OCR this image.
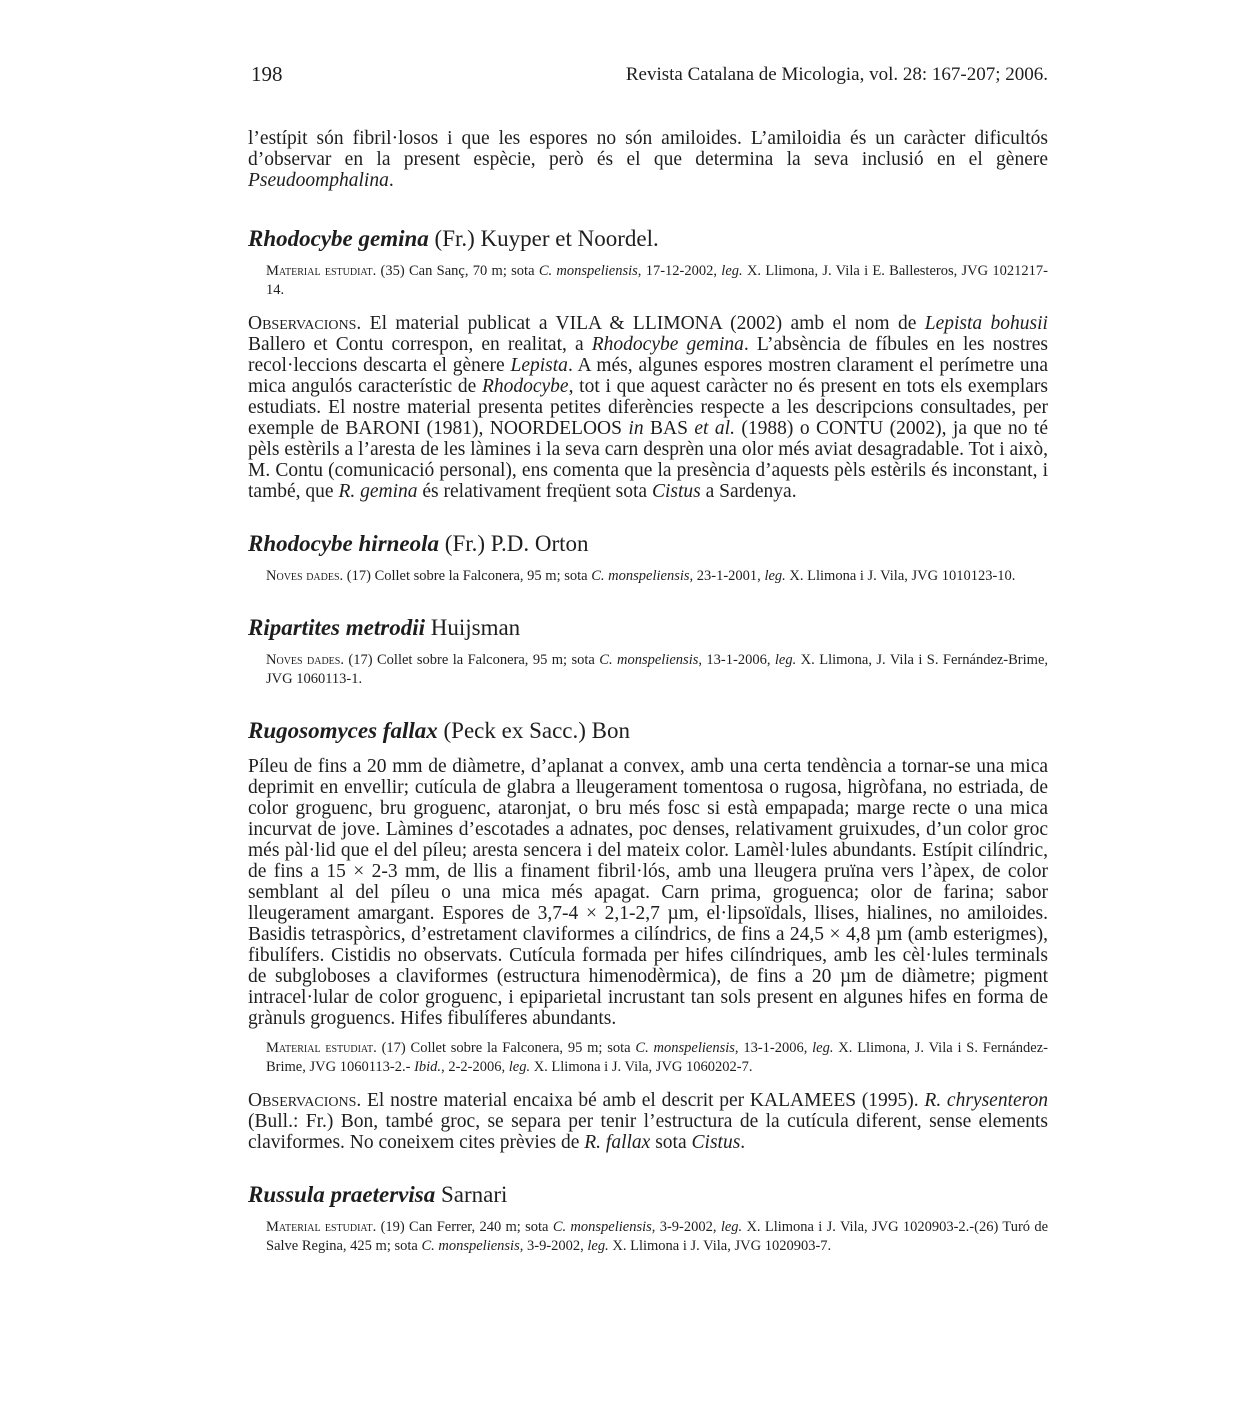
198	Revista Catalana de Micologia, vol. 28: 167-207; 2006.

l’estípit són fibril·losos i que les espores no són amiloides. L’amiloidia és un caràcter dificultós d’observar en la present espècie, però és el que determina la seva inclusió en el gènere Pseudoomphalina.

Rhodocybe gemina (Fr.) Kuyper et Noordel.

Material estudiat. (35) Can Sanç, 70 m; sota C. monspeliensis, 17-12-2002, leg. X. Llimona, J. Vila i E. Ballesteros, JVG 1021217-14.

Observacions. El material publicat a VILA & LLIMONA (2002) amb el nom de Lepista bohusii Ballero et Contu correspon, en realitat, a Rhodocybe gemina. L’absència de fíbules en les nostres recol·leccions descarta el gènere Lepista. A més, algunes espores mostren clarament el perímetre una mica angulós característic de Rhodocybe, tot i que aquest caràcter no és present en tots els exemplars estudiats. El nostre material presenta petites diferències respecte a les descripcions consultades, per exemple de BARONI (1981), NOORDELOOS in BAS et al. (1988) o CONTU (2002), ja que no té pèls estèrils a l’aresta de les làmines i la seva carn desprèn una olor més aviat desagradable. Tot i això, M. Contu (comunicació personal), ens comenta que la presència d’aquests pèls estèrils és inconstant, i també, que R. gemina és relativament freqüent sota Cistus a Sardenya.

Rhodocybe hirneola (Fr.) P.D. Orton

Noves dades. (17) Collet sobre la Falconera, 95 m; sota C. monspeliensis, 23-1-2001, leg. X. Llimona i J. Vila, JVG 1010123-10.

Ripartites metrodii Huijsman

Noves dades. (17) Collet sobre la Falconera, 95 m; sota C. monspeliensis, 13-1-2006, leg. X. Llimona, J. Vila i S. Fernández-Brime, JVG 1060113-1.

Rugosomyces fallax (Peck ex Sacc.) Bon

Píleu de fins a 20 mm de diàmetre, d’aplanat a convex, amb una certa tendència a tornar-se una mica deprimit en envellir; cutícula de glabra a lleugerament tomentosa o rugosa, higròfana, no estriada, de color groguenc, bru groguenc, ataronjat, o bru més fosc si està empapada; marge recte o una mica incurvat de jove. Làmines d’escotades a adnates, poc denses, relativament gruixudes, d’un color groc més pàl·lid que el del píleu; aresta sencera i del mateix color. Lamèl·lules abundants. Estípit cilíndric, de fins a 15 × 2-3 mm, de llis a finament fibril·lós, amb una lleugera pruïna vers l’àpex, de color semblant al del píleu o una mica més apagat. Carn prima, groguenca; olor de farina; sabor lleugerament amargant. Espores de 3,7-4 × 2,1-2,7 µm, el·lipsoïdals, llises, hialines, no amiloides. Basidis tetraspòrics, d’estretament claviformes a cilíndrics, de fins a 24,5 × 4,8 µm (amb esterigmes), fibulífers. Cistidis no observats. Cutícula formada per hifes cilíndriques, amb les cèl·lules terminals de subgloboses a claviformes (estructura himenodèrmica), de fins a 20 µm de diàmetre; pigment intracel·lular de color groguenc, i epiparietal incrustant tan sols present en algunes hifes en forma de grànuls groguencs. Hifes fibulíferes abundants.

Material estudiat. (17) Collet sobre la Falconera, 95 m; sota C. monspeliensis, 13-1-2006, leg. X. Llimona, J. Vila i S. Fernández-Brime, JVG 1060113-2.- Ibid., 2-2-2006, leg. X. Llimona i J. Vila, JVG 1060202-7.

Observacions. El nostre material encaixa bé amb el descrit per KALAMEES (1995). R. chrysenteron (Bull.: Fr.) Bon, també groc, se separa per tenir l’estructura de la cutícula diferent, sense elements claviformes. No coneixem cites prèvies de R. fallax sota Cistus.

Russula praetervisa Sarnari

Material estudiat. (19) Can Ferrer, 240 m; sota C. monspeliensis, 3-9-2002, leg. X. Llimona i J. Vila, JVG 1020903-2.-(26) Turó de Salve Regina, 425 m; sota C. monspeliensis, 3-9-2002, leg. X. Llimona i J. Vila, JVG 1020903-7.
